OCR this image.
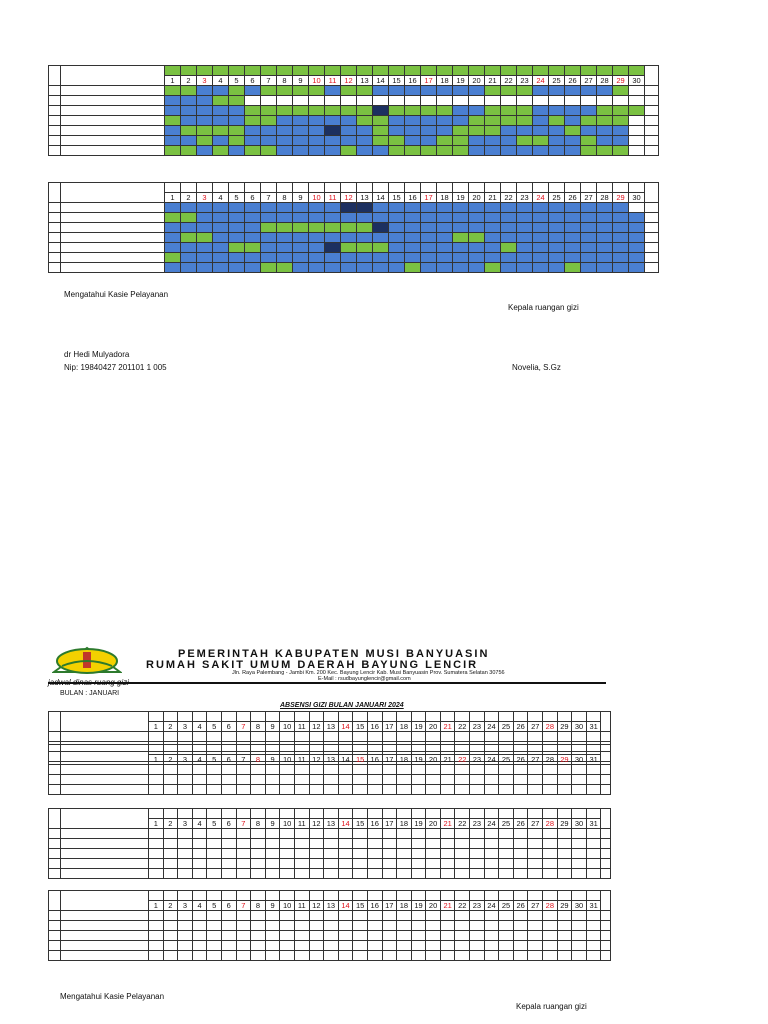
		1	2	3	4	5	6	7	8	9	10	11	12	13	14	15	16	17	18	19	20	21	22	23	24	25	26	27	28	29	30	

		1	2	3	4	5	6	7	8	9	10	11	12	13	14	15	16	17	18	19	20	21	22	23	24	25	26	27	28	29	30	

Mengatahui Kasie Pelayanan
Kepala ruangan gizi
dr Hedi Mulyadora
Nip: 19840427 201101 1 005	Novelia, S.Gz
PEMERINTAH KABUPATEN MUSI BANYUASIN
RUMAH SAKIT UMUM DAERAH BAYUNG LENCIR
Jln. Raya Palembang - Jambi Km. 200 Kec. Bayung Lencir Kab. Musi Banyuasin Prov. Sumatera Selatan 30756
E-Mail : rsudbayunglencir@gmail.com
jadwal dinas ruang gizi
BULAN : JANUARI
ABSENSI GIZI BULAN JANUARI 2024

		1	2	3	4	5	6	7	8	9	10	11	12	13	14	15	16	17	18	19	20	21	22	23	24	25	26	27	28	29	30	31	

		1	2	3	4	5	6	7	8	9	10	11	12	13	14	15	16	17	18	19	20	21	22	23	24	25	26	27	28	29	30	31	

		1	2	3	4	5	6	7	8	9	10	11	12	13	14	15	16	17	18	19	20	21	22	23	24	25	26	27	28	29	30	31	

		1	2	3	4	5	6	7	8	9	10	11	12	13	14	15	16	17	18	19	20	21	22	23	24	25	26	27	28	29	30	31	

Mengatahui Kasie Pelayanan
Kepala ruangan gizi
